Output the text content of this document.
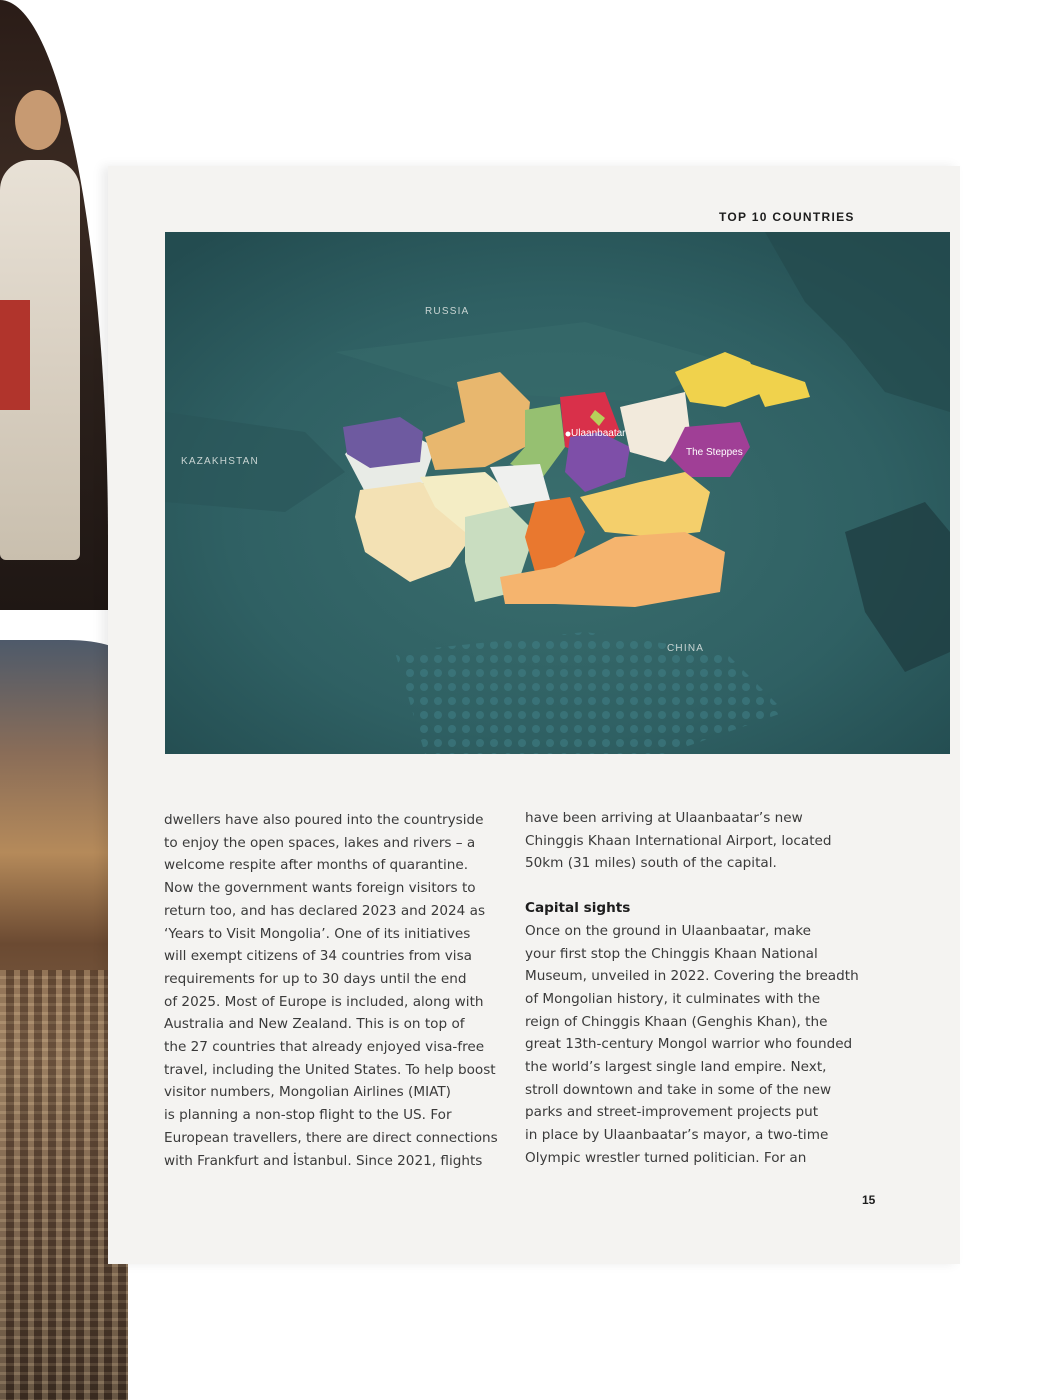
TOP 10 COUNTRIES
RUSSIA
KAZAKHSTAN
CHINA
Ulaanbaatar
The Steppes
dwellers have also poured into the countryside
to enjoy the open spaces, lakes and rivers – a
welcome respite after months of quarantine.
Now the government wants foreign visitors to
return too, and has declared 2023 and 2024 as
‘Years to Visit Mongolia’. One of its initiatives
will exempt citizens of 34 countries from visa
requirements for up to 30 days until the end
of 2025. Most of Europe is included, along with
Australia and New Zealand. This is on top of
the 27 countries that already enjoyed visa-free
travel, including the United States. To help boost
visitor numbers, Mongolian Airlines (MIAT)
is planning a non-stop flight to the US. For
European travellers, there are direct connections
with Frankfurt and İstanbul. Since 2021, flights
have been arriving at Ulaanbaatar’s new
Chinggis Khaan International Airport, located
50km (31 miles) south of the capital.
Capital sights
Once on the ground in Ulaanbaatar, make
your first stop the Chinggis Khaan National
Museum, unveiled in 2022. Covering the breadth
of Mongolian history, it culminates with the
reign of Chinggis Khaan (Genghis Khan), the
great 13th-century Mongol warrior who founded
the world’s largest single land empire. Next,
stroll downtown and take in some of the new
parks and street-improvement projects put
in place by Ulaanbaatar’s mayor, a two-time
Olympic wrestler turned politician. For an
15
